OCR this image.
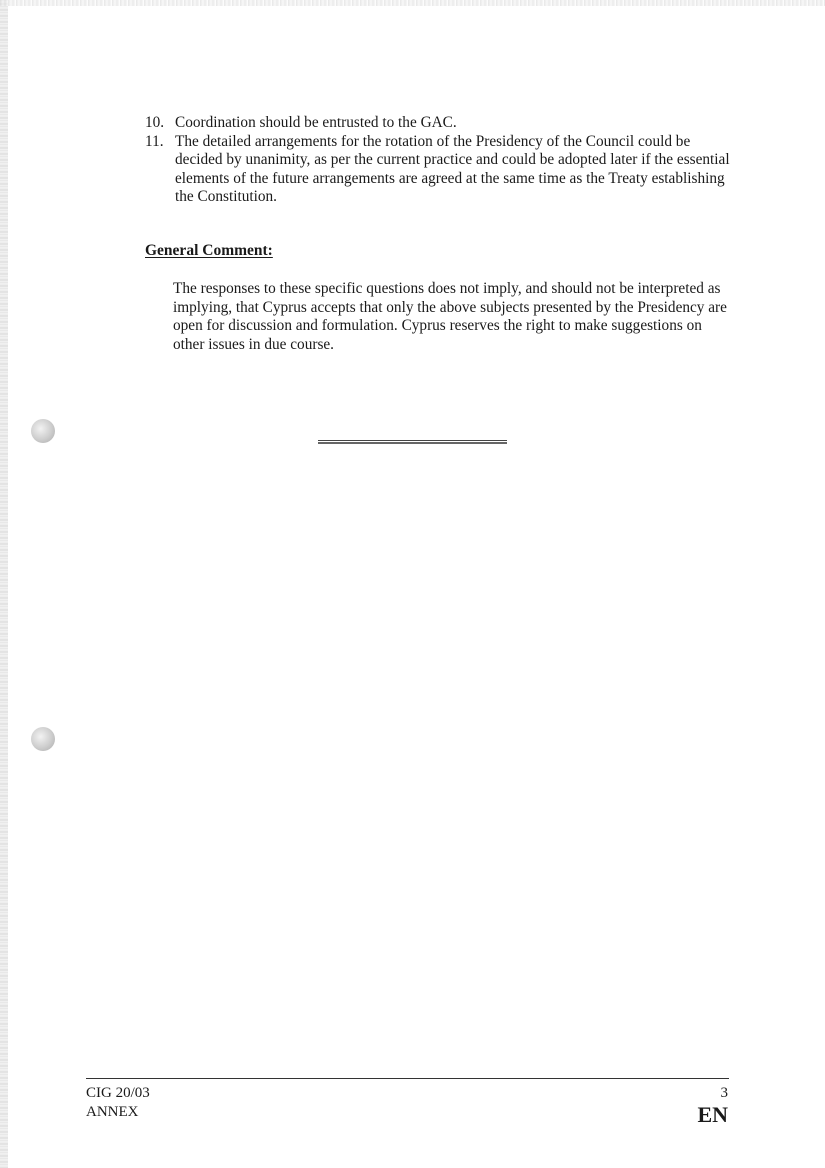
10. Coordination should be entrusted to the GAC.
11. The detailed arrangements for the rotation of the Presidency of the Council could be decided by unanimity, as per the current practice and could be adopted later if the essential elements of the future arrangements are agreed at the same time as the Treaty establishing the Constitution.
General Comment:
The responses to these specific questions does not imply, and should not be interpreted as implying, that Cyprus accepts that only the above subjects presented by the Presidency are open for discussion and formulation. Cyprus reserves the right to make suggestions on other issues in due course.
CIG 20/03
ANNEX
3
EN
